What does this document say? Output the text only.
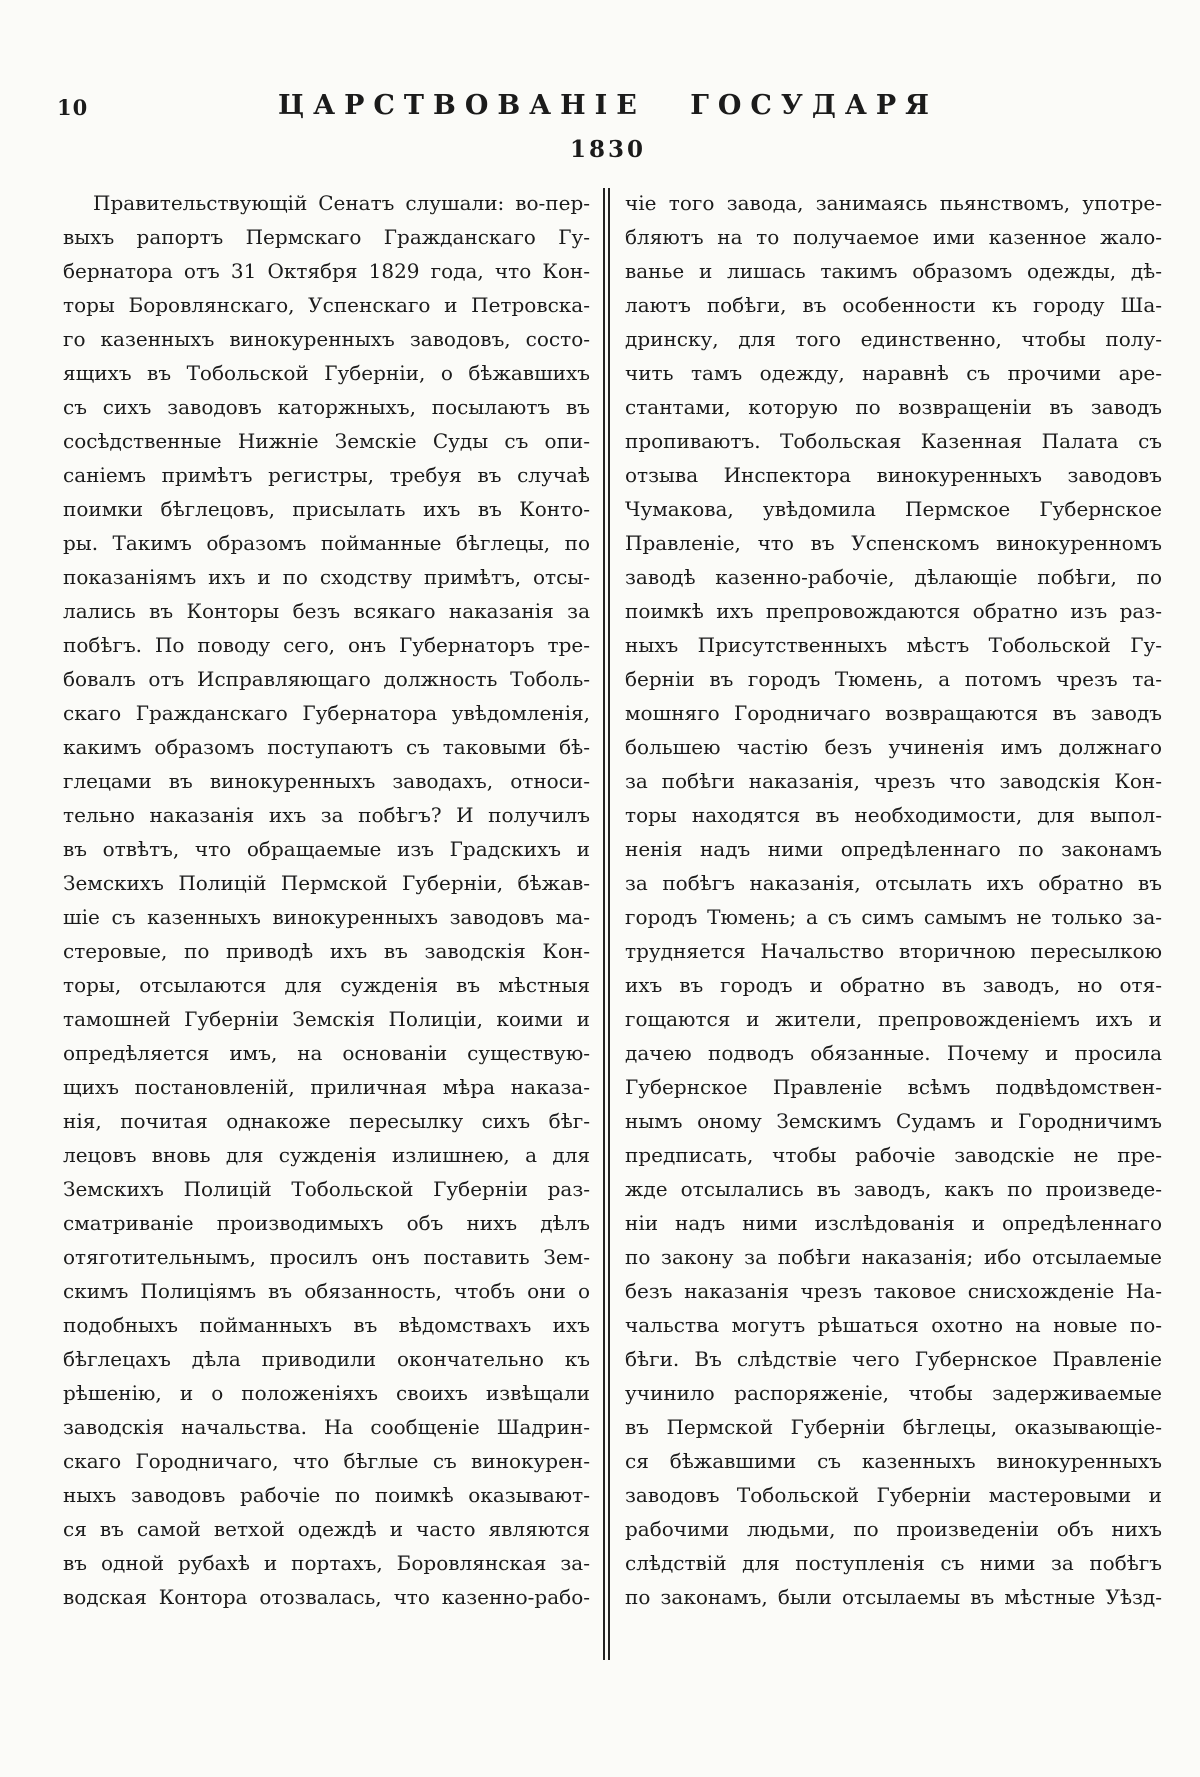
10	ЦАРСТВОВАНІЕ ГОСУДАРЯ
1830
Правительствующій Сенатъ слушали: во-пер-
выхъ рапортъ Пермскаго Гражданскаго Гу-
бернатора отъ 31 Октября 1829 года, что Кон-
торы Боровлянскаго, Успенскаго и Петровска-
го казенныхъ винокуренныхъ заводовъ, состо-
ящихъ въ Тобольской Губерніи, о бѣжавшихъ
съ сихъ заводовъ каторжныхъ, посылаютъ въ
сосѣдственные Нижніе Земскіе Суды съ опи-
саніемъ примѣтъ регистры, требуя въ случаѣ
поимки бѣглецовъ, присылать ихъ въ Конто-
ры. Такимъ образомъ пойманные бѣглецы, по
показаніямъ ихъ и по сходству примѣтъ, отсы-
лались въ Конторы безъ всякаго наказанія за
побѣгъ. По поводу сего, онъ Губернаторъ тре-
бовалъ отъ Исправляющаго должность Тоболь-
скаго Гражданскаго Губернатора увѣдомленія,
какимъ образомъ поступаютъ съ таковыми бѣ-
глецами въ винокуренныхъ заводахъ, относи-
тельно наказанія ихъ за побѣгъ? И получилъ
въ отвѣтъ, что обращаемые изъ Градскихъ и
Земскихъ Полицій Пермской Губерніи, бѣжав-
шіе съ казенныхъ винокуренныхъ заводовъ ма-
стеровые, по приводѣ ихъ въ заводскія Кон-
торы, отсылаются для сужденія въ мѣстныя
тамошней Губерніи Земскія Полиціи, коими и
опредѣляется имъ, на основаніи существую-
щихъ постановленій, приличная мѣра наказа-
нія, почитая однакоже пересылку сихъ бѣг-
лецовъ вновь для сужденія излишнею, а для
Земскихъ Полицій Тобольской Губерніи раз-
сматриваніе производимыхъ объ нихъ дѣлъ
отяготительнымъ, просилъ онъ поставить Зем-
скимъ Полиціямъ въ обязанность, чтобъ они о
подобныхъ пойманныхъ въ вѣдомствахъ ихъ
бѣглецахъ дѣла приводили окончательно къ
рѣшенію, и о положеніяхъ своихъ извѣщали
заводскія начальства. На сообщеніе Шадрин-
скаго Городничаго, что бѣглые съ винокурен-
ныхъ заводовъ рабочіе по поимкѣ оказывают-
ся въ самой ветхой одеждѣ и часто являются
въ одной рубахѣ и портахъ, Боровлянская за-
водская Контора отозвалась, что казенно-рабо-
чіе того завода, занимаясь пьянствомъ, употре-
бляютъ на то получаемое ими казенное жало-
ванье и лишась такимъ образомъ одежды, дѣ-
лаютъ побѣги, въ особенности къ городу Ша-
дринску, для того единственно, чтобы полу-
чить тамъ одежду, наравнѣ съ прочими аре-
стантами, которую по возвращеніи въ заводъ
пропиваютъ. Тобольская Казенная Палата съ
отзыва Инспектора винокуренныхъ заводовъ
Чумакова, увѣдомила Пермское Губернское
Правленіе, что въ Успенскомъ винокуренномъ
заводѣ казенно-рабочіе, дѣлающіе побѣги, по
поимкѣ ихъ препровождаются обратно изъ раз-
ныхъ Присутственныхъ мѣстъ Тобольской Гу-
берніи въ городъ Тюмень, а потомъ чрезъ та-
мошняго Городничаго возвращаются въ заводъ
большею частію безъ учиненія имъ должнаго
за побѣги наказанія, чрезъ что заводскія Кон-
торы находятся въ необходимости, для выпол-
ненія надъ ними опредѣленнаго по законамъ
за побѣгъ наказанія, отсылать ихъ обратно въ
городъ Тюмень; а съ симъ самымъ не только за-
трудняется Начальство вторичною пересылкою
ихъ въ городъ и обратно въ заводъ, но отя-
гощаются и жители, препровожденіемъ ихъ и
дачею подводъ обязанные. Почему и просила
Губернское Правленіе всѣмъ подвѣдомствен-
нымъ оному Земскимъ Судамъ и Городничимъ
предписать, чтобы рабочіе заводскіе не пре-
жде отсылались въ заводъ, какъ по произведе-
ніи надъ ними изслѣдованія и опредѣленнаго
по закону за побѣги наказанія; ибо отсылаемые
безъ наказанія чрезъ таковое снисхожденіе На-
чальства могутъ рѣшаться охотно на новые по-
бѣги. Въ слѣдствіе чего Губернское Правленіе
учинило распоряженіе, чтобы задерживаемые
въ Пермской Губерніи бѣглецы, оказывающіе-
ся бѣжавшими съ казенныхъ винокуренныхъ
заводовъ Тобольской Губерніи мастеровыми и
рабочими людьми, по произведеніи объ нихъ
слѣдствій для поступленія съ ними за побѣгъ
по законамъ, были отсылаемы въ мѣстные Уѣзд-
